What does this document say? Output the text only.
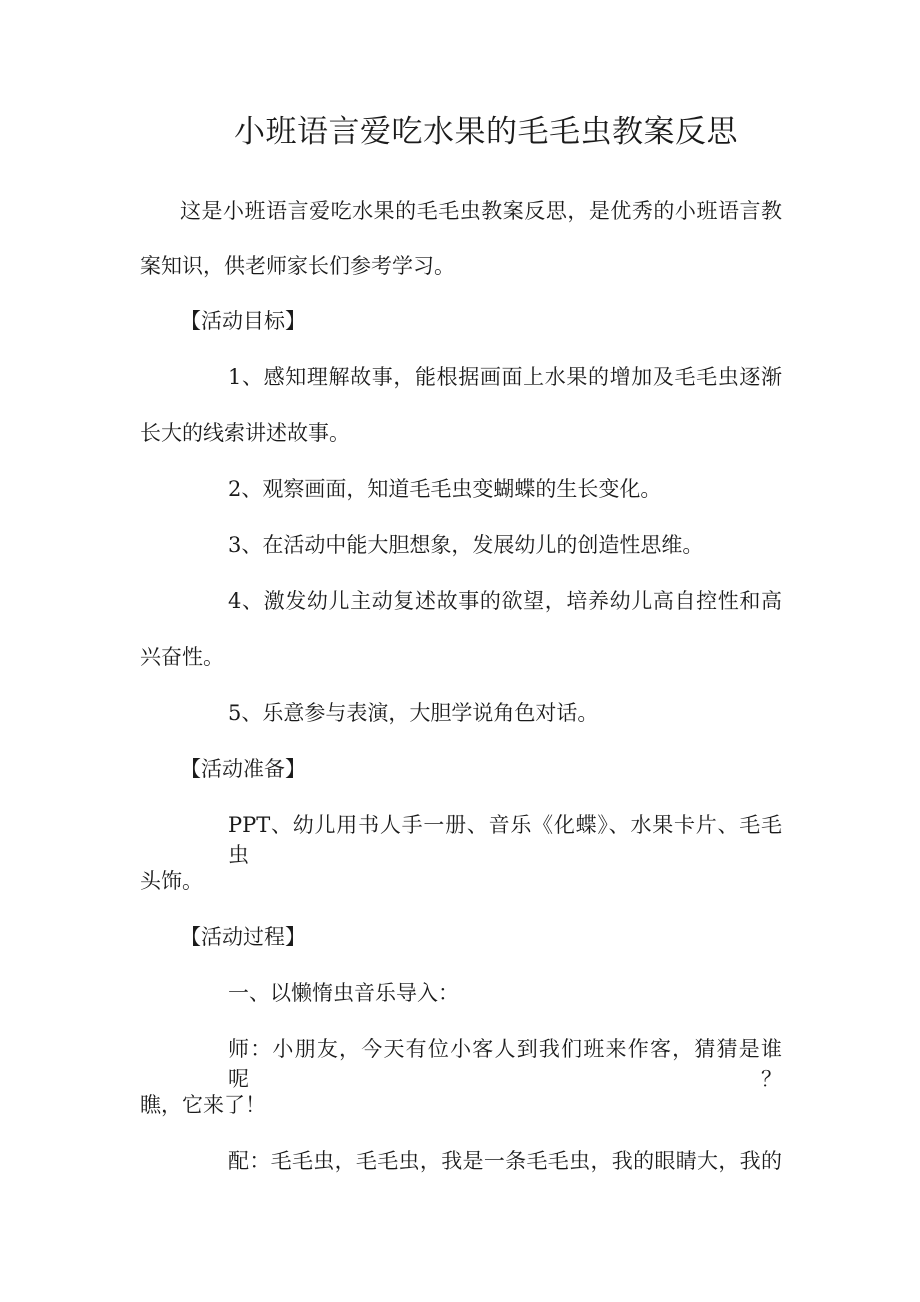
小班语言爱吃水果的毛毛虫教案反思

这是小班语言爱吃水果的毛毛虫教案反思，是优秀的小班语言教

案知识，供老师家长们参考学习。

【活动目标】

1、感知理解故事，能根据画面上水果的增加及毛毛虫逐渐

长大的线索讲述故事。

2、观察画面，知道毛毛虫变蝴蝶的生长变化。

3、在活动中能大胆想象，发展幼儿的创造性思维。

4、激发幼儿主动复述故事的欲望，培养幼儿高自控性和高

兴奋性。

5、乐意参与表演，大胆学说角色对话。

【活动准备】

PPT、幼儿用书人手一册、音乐《化蝶》、水果卡片、毛毛虫

头饰。

【活动过程】

一、以懒惰虫音乐导入：

师：小朋友，今天有位小客人到我们班来作客，猜猜是谁呢？

瞧，它来了！

配：毛毛虫，毛毛虫，我是一条毛毛虫，我的眼睛大，我的
